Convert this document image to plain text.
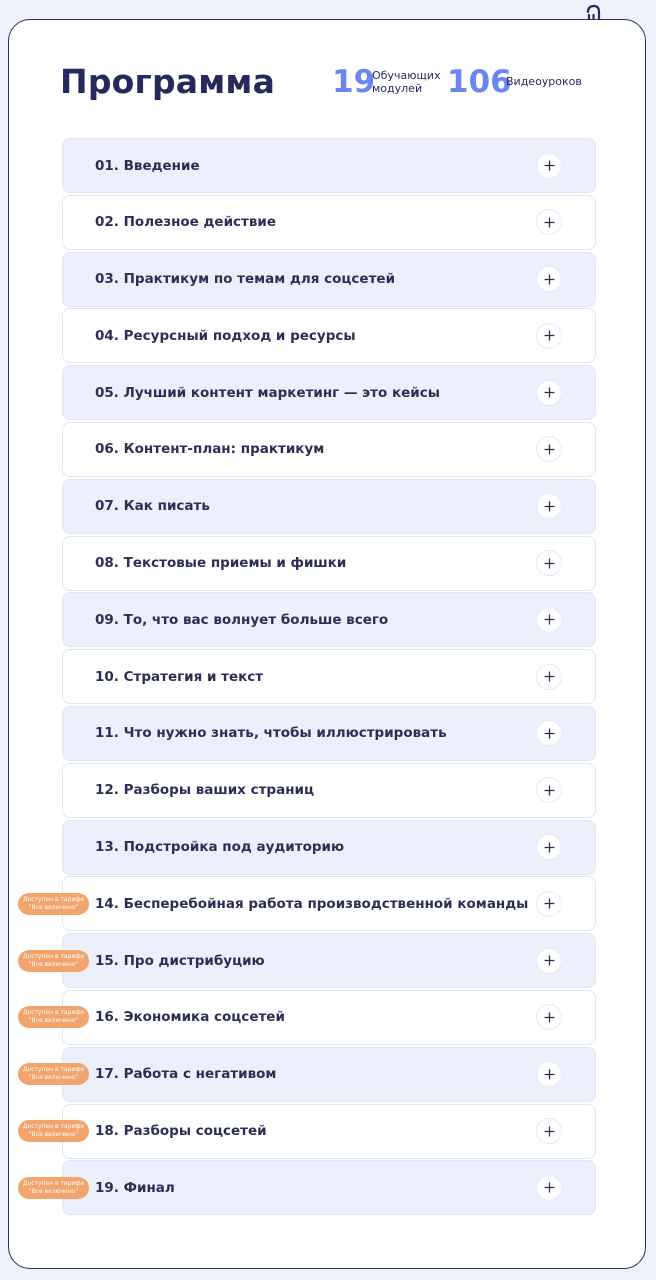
Программа 19
Обучающих
модулей 106
Видеоуроков
01. Введение
02. Полезное действие
03. Практикум по темам для соцсетей
04. Ресурсный подход и ресурсы
05. Лучший контент маркетинг — это кейсы
06. Контент-план: практикум
07. Как писать
08. Текстовые приемы и фишки
09. То, что вас волнует больше всего
10. Стратегия и текст
11. Что нужно знать, чтобы иллюстрировать
12. Разборы ваших страниц
13. Подстройка под аудиторию
Доступен в тарифе
"Все включено"	14. Бесперебойная работа производственной команды
Доступен в тарифе
"Все включено"	15. Про дистрибуцию
Доступен в тарифе
"Все включено"	16. Экономика соцсетей
Доступен в тарифе
"Все включено"	17. Работа с негативом
Доступен в тарифе
"Все включено"	18. Разборы соцсетей
Доступен в тарифе
"Все включено"	19. Финал
